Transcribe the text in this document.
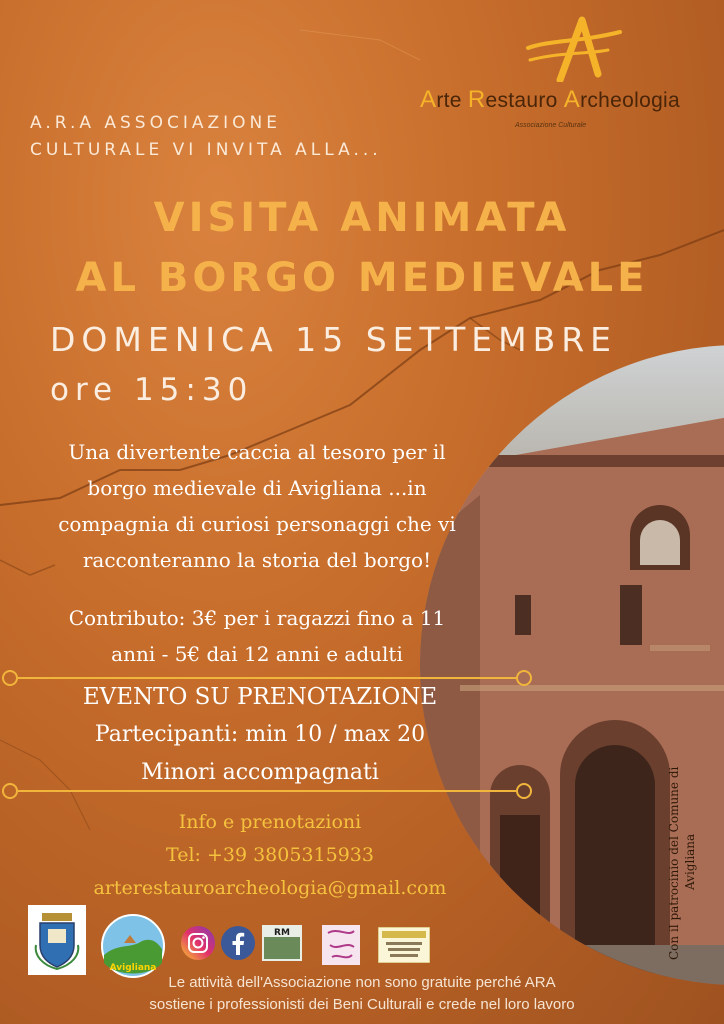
Arte Restauro Archeologia
Associazione Culturale
A.R.A ASSOCIAZIONE
CULTURALE VI INVITA ALLA...
VISITA ANIMATA
AL BORGO MEDIEVALE
DOMENICA 15 SETTEMBRE
ore 15:30
Una divertente caccia al tesoro per il
borgo medievale di Avigliana ...in
compagnia di curiosi personaggi che vi
racconteranno la storia del borgo!
Contributo: 3€ per i ragazzi fino a 11
anni - 5€ dai 12 anni e adulti
EVENTO SU PRENOTAZIONE
Partecipanti: min 10 / max 20
Minori accompagnati
Info e prenotazioni
Tel: +39 3805315933
arterestauroarcheologia@gmail.com	Con il patrocinio del Comune di Avigliana
Avigliana
RM
Le attività dell'Associazione non sono gratuite perché ARA
sostiene i professionisti dei Beni Culturali e crede nel loro lavoro
